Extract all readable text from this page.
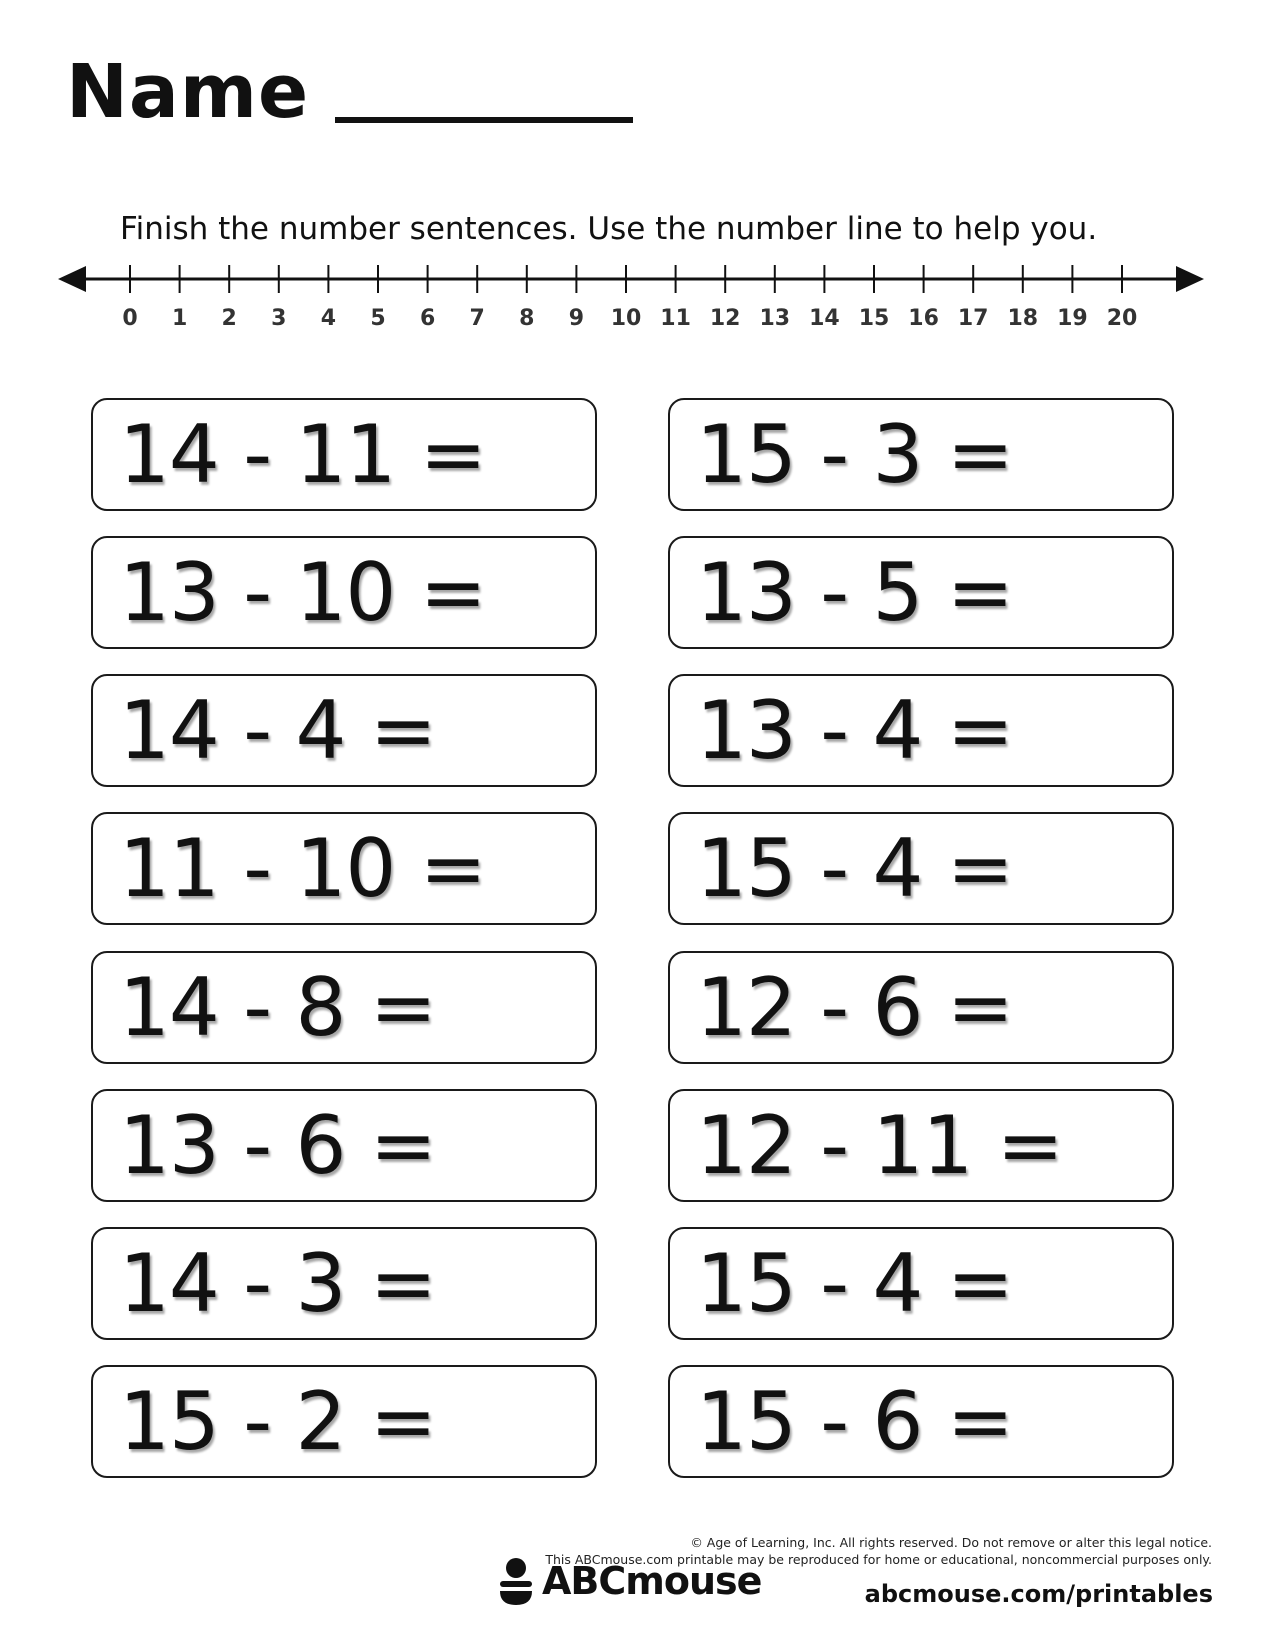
Name
Finish the number sentences. Use the number line to help you.
0 1 2 3 4 5 6 7 8 9 10 11 12 13 14 15 16 17 18 19 20
14 - 11 =
13 - 10 =
14 - 4 =
11 - 10 =
14 - 8 =
13 - 6 =
14 - 3 =
15 - 2 =
15 - 3 =
13 - 5 =
13 - 4 =
15 - 4 =
12 - 6 =
12 - 11 =
15 - 4 =
15 - 6 =
© Age of Learning, Inc. All rights reserved. Do not remove or alter this legal notice.
This ABCmouse.com printable may be reproduced for home or educational, noncommercial purposes only.
ABCmouse	abcmouse.com/printables
